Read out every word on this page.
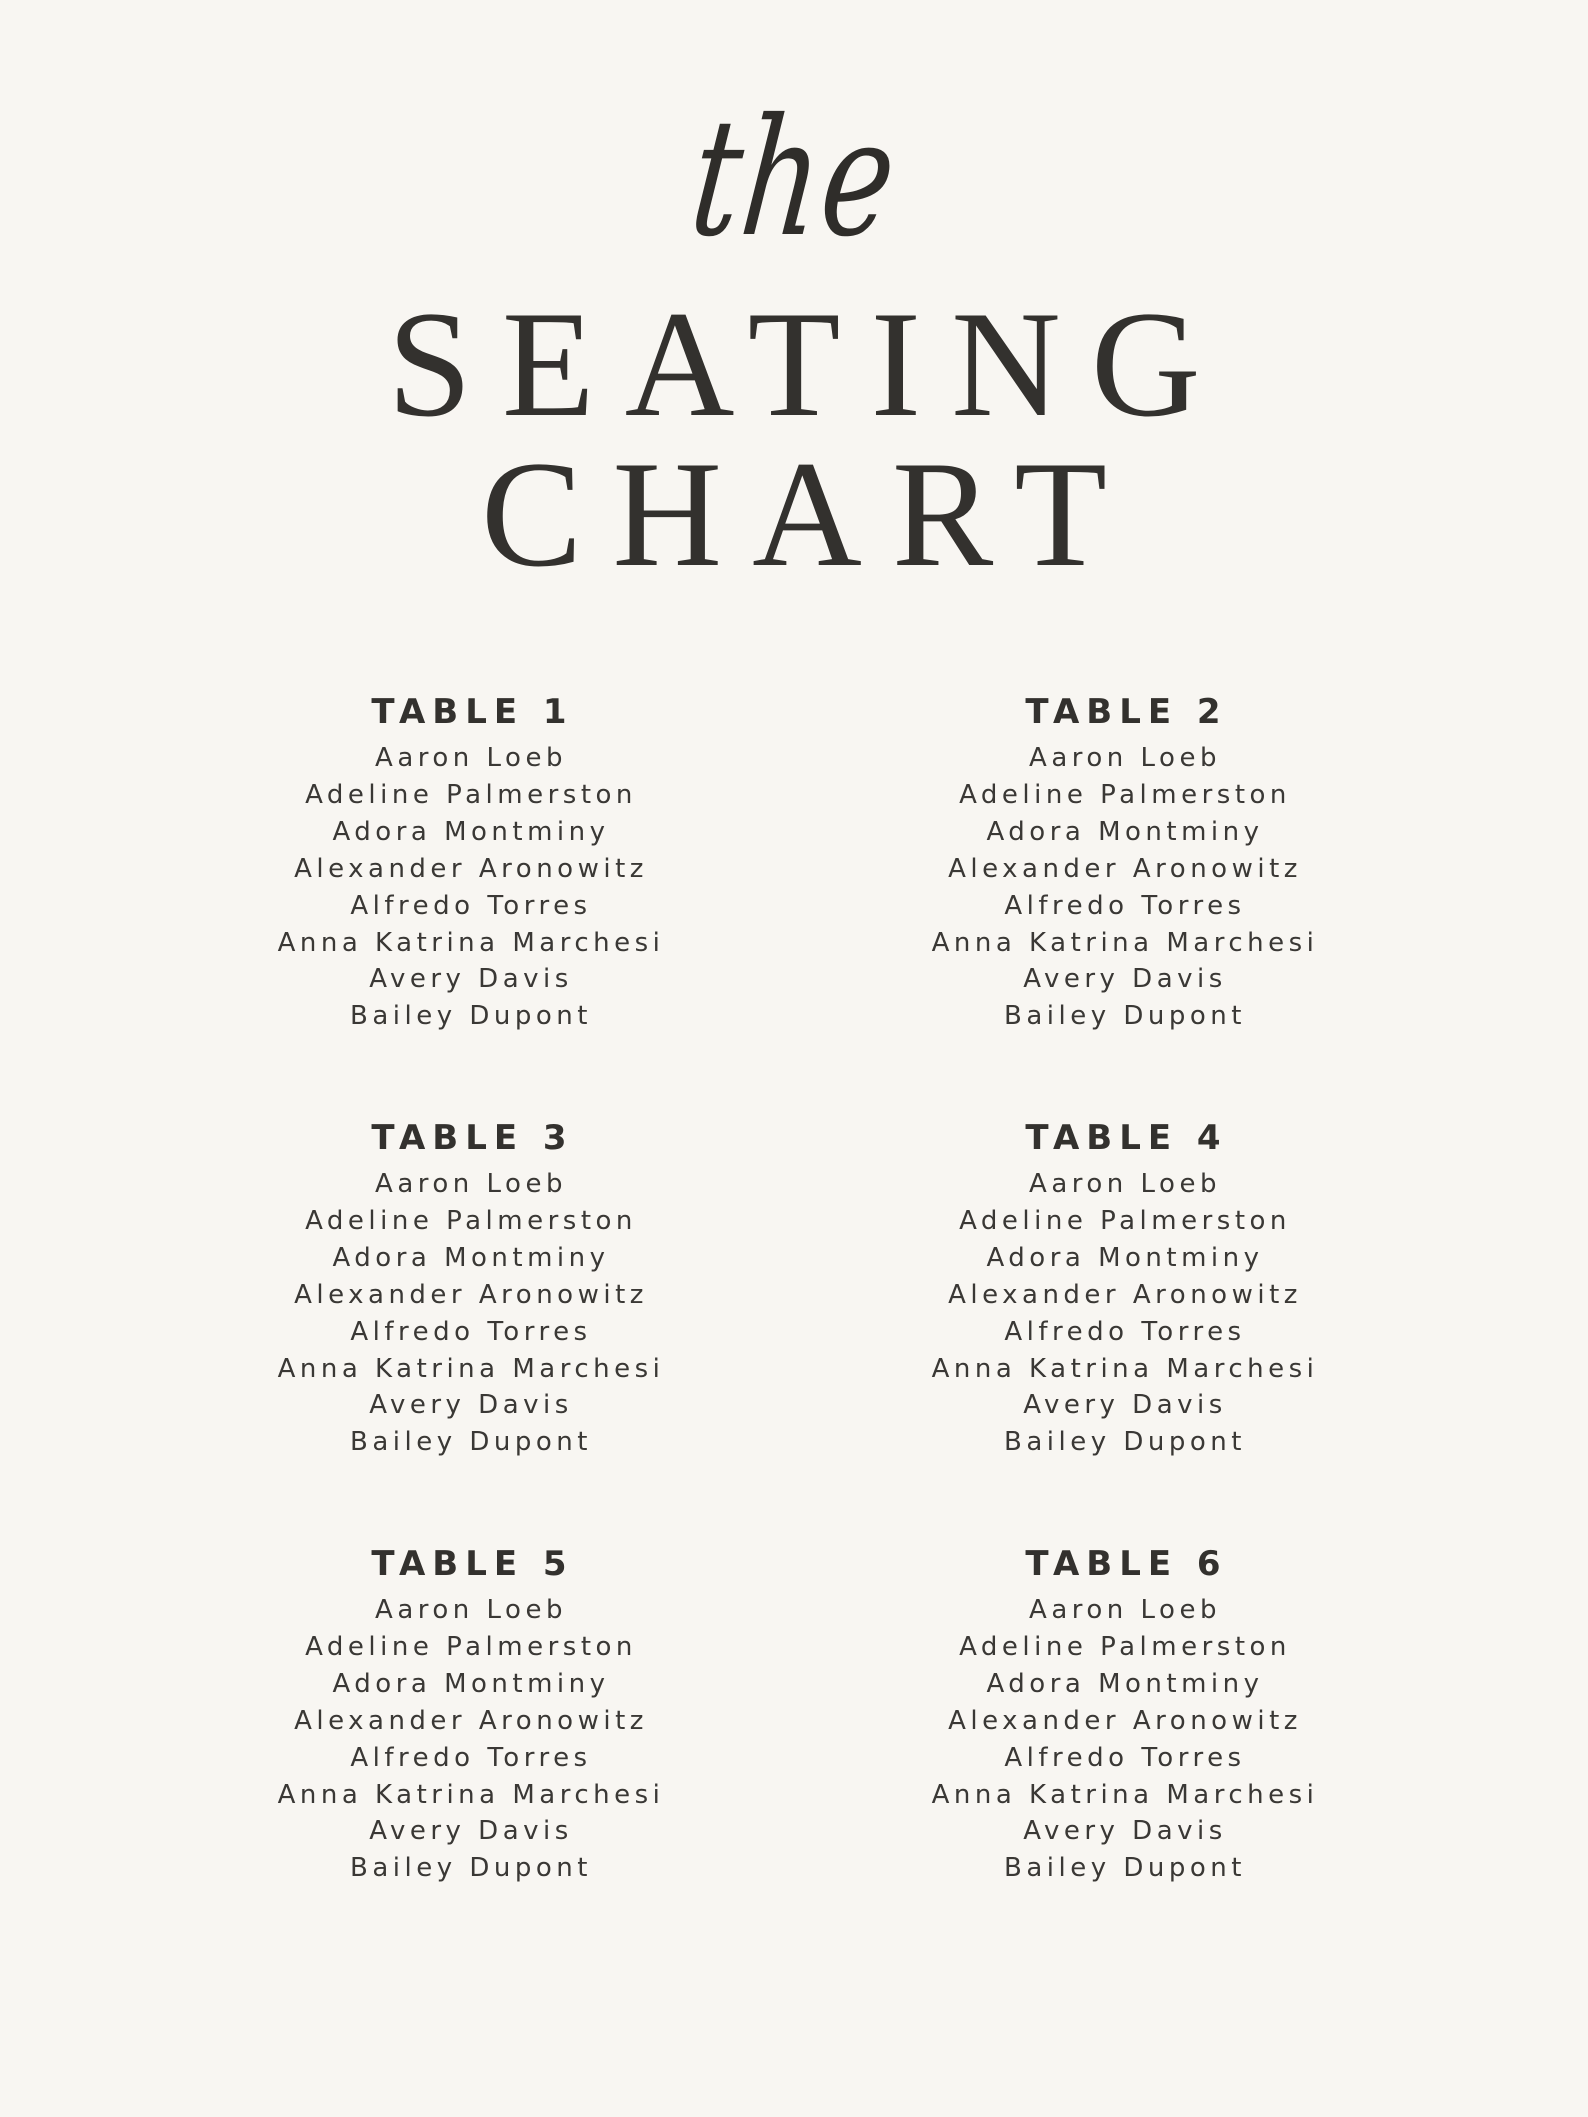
the
SEATING
CHART
TABLE 1
Aaron Loeb
Adeline Palmerston
Adora Montminy
Alexander Aronowitz
Alfredo Torres
Anna Katrina Marchesi
Avery Davis
Bailey Dupont
TABLE 2
Aaron Loeb
Adeline Palmerston
Adora Montminy
Alexander Aronowitz
Alfredo Torres
Anna Katrina Marchesi
Avery Davis
Bailey Dupont
TABLE 3
Aaron Loeb
Adeline Palmerston
Adora Montminy
Alexander Aronowitz
Alfredo Torres
Anna Katrina Marchesi
Avery Davis
Bailey Dupont
TABLE 4
Aaron Loeb
Adeline Palmerston
Adora Montminy
Alexander Aronowitz
Alfredo Torres
Anna Katrina Marchesi
Avery Davis
Bailey Dupont
TABLE 5
Aaron Loeb
Adeline Palmerston
Adora Montminy
Alexander Aronowitz
Alfredo Torres
Anna Katrina Marchesi
Avery Davis
Bailey Dupont
TABLE 6
Aaron Loeb
Adeline Palmerston
Adora Montminy
Alexander Aronowitz
Alfredo Torres
Anna Katrina Marchesi
Avery Davis
Bailey Dupont
